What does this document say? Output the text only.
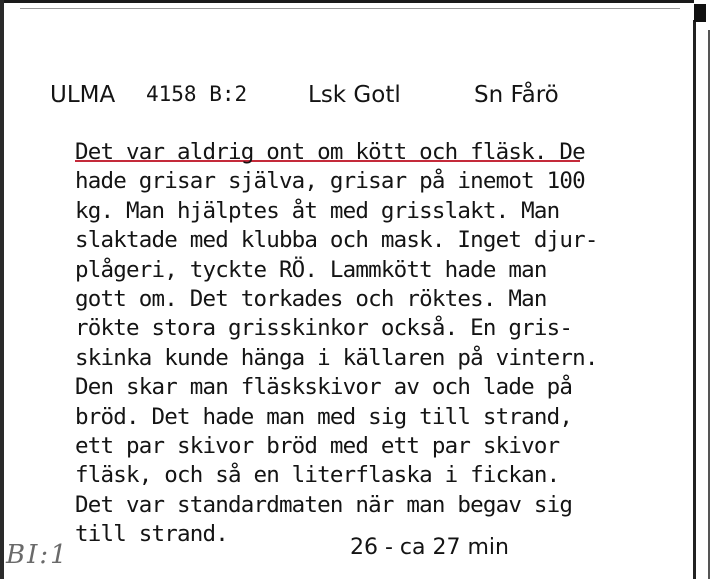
ULMA 4158 B:2	Lsk Gotl	Sn Fårö
Det var aldrig ont om kött och fläsk. De
hade grisar själva, grisar på inemot 100
kg. Man hjälptes åt med grisslakt. Man
slaktade med klubba och mask. Inget djur-
plågeri, tyckte RÖ. Lammkött hade man
gott om. Det torkades och röktes. Man
rökte stora grisskinkor också. En gris-
skinka kunde hänga i källaren på vintern.
Den skar man fläskskivor av och lade på
bröd. Det hade man med sig till strand,
ett par skivor bröd med ett par skivor
fläsk, och så en literflaska i fickan.
Det var standardmaten när man begav sig
till strand.
26 - ca 27 min
BI:1
